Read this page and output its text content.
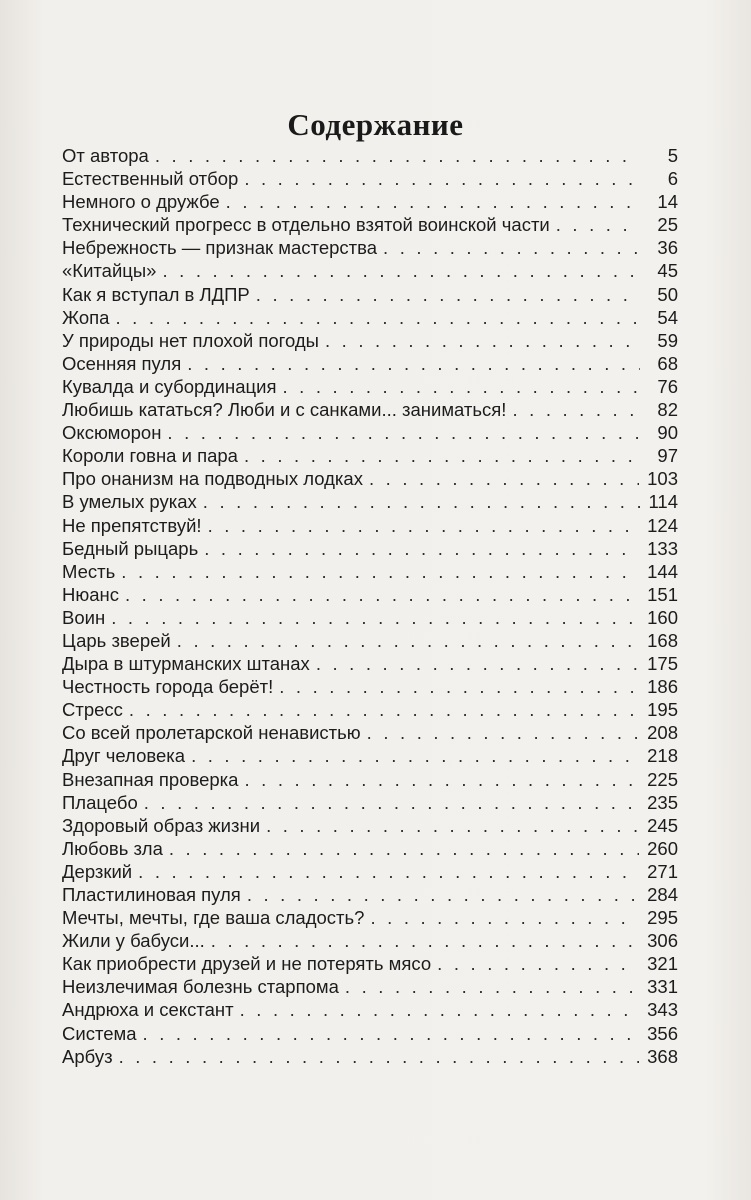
Содержание
От автора . . .	5
Естественный отбор . . .	6
Немного о дружбе . . .	14
Технический прогресс в отдельно взятой воинской части . . .	25
Небрежность — признак мастерства . . .	36
«Китайцы» . . .	45
Как я вступал в ЛДПР . . .	50
Жопа . . .	54
У природы нет плохой погоды . . .	59
Осенняя пуля . . .	68
Кувалда и субординация . . .	76
Любишь кататься? Люби и с санками... заниматься! . . .	82
Оксюморон . . .	90
Короли говна и пара . . .	97
Про онанизм на подводных лодках . . .	103
В умелых руках . . .	114
Не препятствуй! . . .	124
Бедный рыцарь . . .	133
Месть . . .	144
Нюанс . . .	151
Воин . . .	160
Царь зверей . . .	168
Дыра в штурманских штанах . . .	175
Честность города берёт! . . .	186
Стресс . . .	195
Со всей пролетарской ненавистью . . .	208
Друг человека . . .	218
Внезапная проверка . . .	225
Плацебо . . .	235
Здоровый образ жизни . . .	245
Любовь зла . . .	260
Дерзкий . . .	271
Пластилиновая пуля . . .	284
Мечты, мечты, где ваша сладость? . . .	295
Жили у бабуси... . . .	306
Как приобрести друзей и не потерять мясо . . .	321
Неизлечимая болезнь старпома . . .	331
Андрюха и секстант . . .	343
Система . . .	356
Арбуз . . .	368
